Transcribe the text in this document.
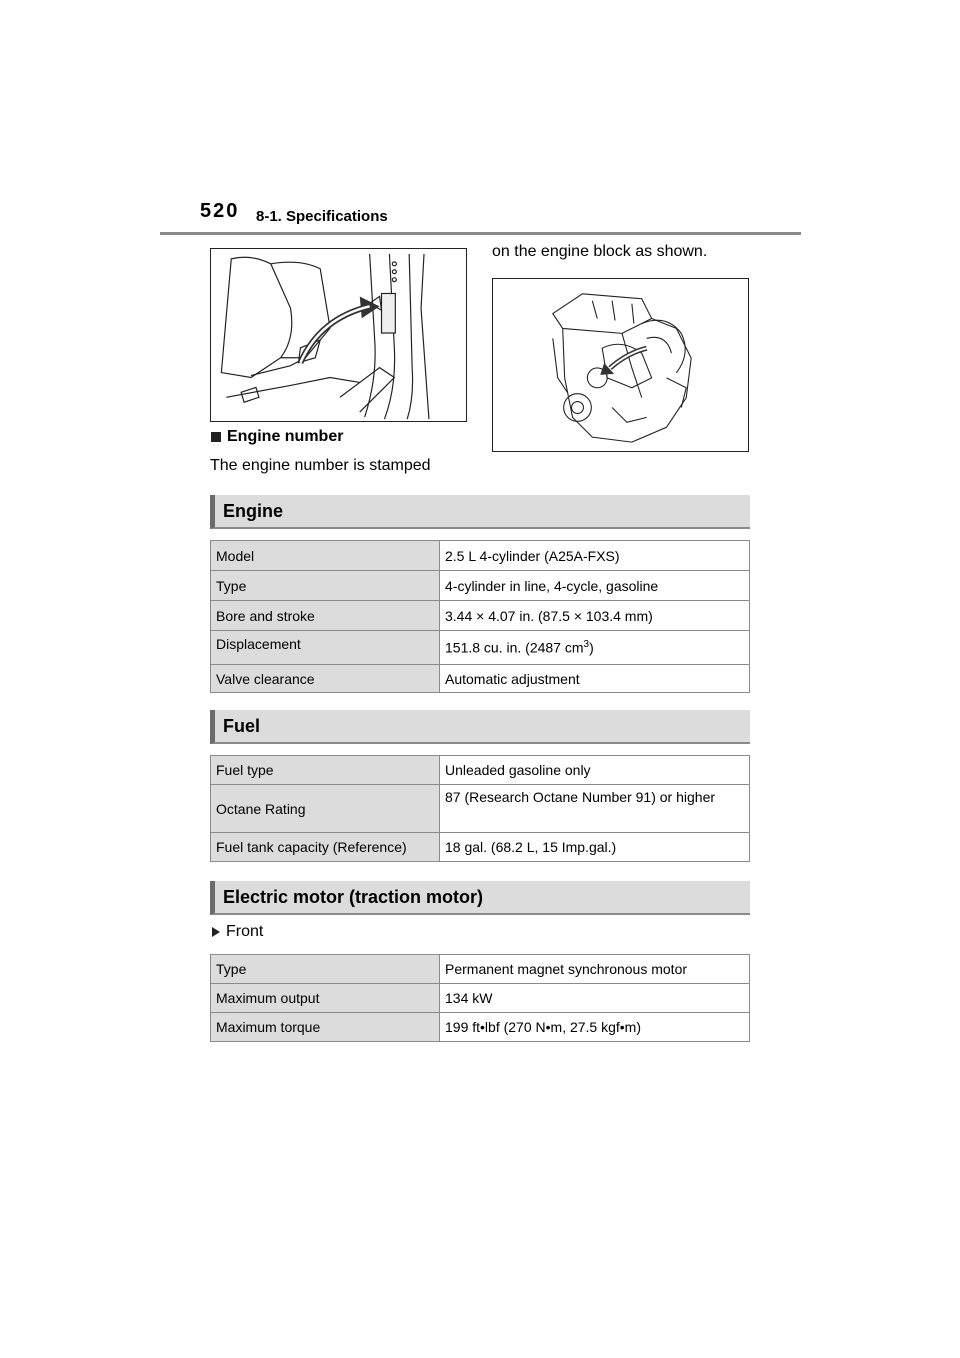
520 8-1. Specifications
on the engine block as shown.
Engine number
The engine number is stamped
Engine
Model	2.5 L 4-cylinder (A25A-FXS)
Type	4-cylinder in line, 4-cycle, gasoline
Bore and stroke	3.44 × 4.07 in. (87.5 × 103.4 mm)
Displacement	151.8 cu. in. (2487 $cm^3$)
Valve clearance	Automatic adjustment
Fuel
Fuel type	Unleaded gasoline only
Octane Rating	87 (Research Octane Number 91) or higher
Fuel tank capacity (Reference)	18 gal. (68.2 L, 15 Imp.gal.)
Electric motor (traction motor)
Front
Type	Permanent magnet synchronous motor
Maximum output	134 kW
Maximum torque	199 ft•lbf (270 N•m, 27.5 kgf•m)
